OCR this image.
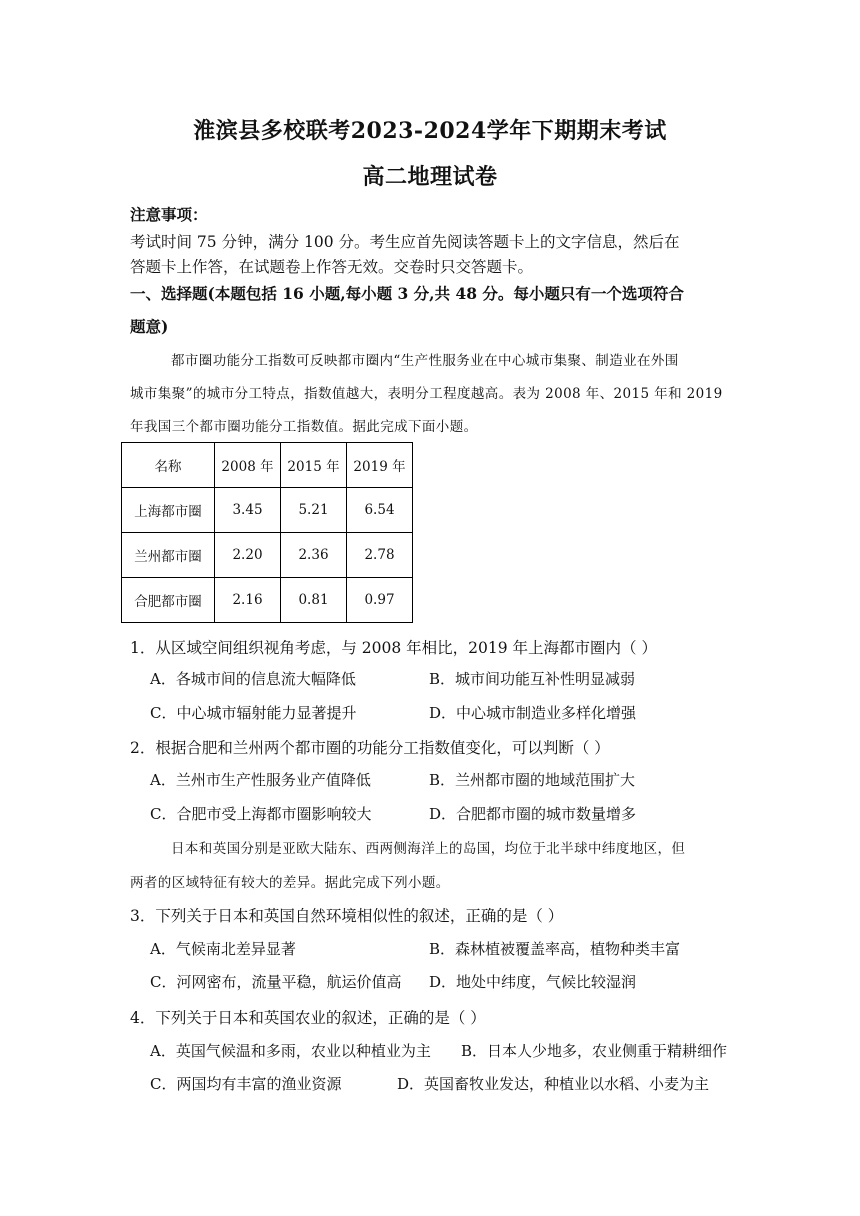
淮滨县多校联考2023-2024学年下期期末考试
高二地理试卷
注意事项：
考试时间 75 分钟，满分 100 分。考生应首先阅读答题卡上的文字信息，然后在
答题卡上作答，在试题卷上作答无效。交卷时只交答题卡。
一、选择题(本题包括 16 小题,每小题 3 分,共 48 分。每小题只有一个选项符合
题意)
都市圈功能分工指数可反映都市圈内“生产性服务业在中心城市集聚、制造业在外围
城市集聚”的城市分工特点，指数值越大，表明分工程度越高。表为 2008 年、2015 年和 2019
年我国三个都市圈功能分工指数值。据此完成下面小题。
名称	2008 年	2015 年	2019 年
上海都市圈	3.45	5.21	6.54
兰州都市圈	2.20	2.36	2.78
合肥都市圈	2.16	0.81	0.97
1．从区域空间组织视角考虑，与 2008 年相比，2019 年上海都市圈内（ ）
A．各城市间的信息流大幅降低	B．城市间功能互补性明显减弱
C．中心城市辐射能力显著提升	D．中心城市制造业多样化增强
2．根据合肥和兰州两个都市圈的功能分工指数值变化，可以判断（ ）
A．兰州市生产性服务业产值降低	B．兰州都市圈的地域范围扩大
C．合肥市受上海都市圈影响较大	D．合肥都市圈的城市数量增多
日本和英国分别是亚欧大陆东、西两侧海洋上的岛国，均位于北半球中纬度地区，但
两者的区域特征有较大的差异。据此完成下列小题。
3．下列关于日本和英国自然环境相似性的叙述，正确的是（ ）
A．气候南北差异显著	B．森林植被覆盖率高，植物种类丰富
C．河网密布，流量平稳，航运价值高 D．地处中纬度，气候比较湿润
4．下列关于日本和英国农业的叙述，正确的是（ ）
A．英国气候温和多雨，农业以种植业为主 B．日本人少地多，农业侧重于精耕细作
C．两国均有丰富的渔业资源	D．英国畜牧业发达，种植业以水稻、小麦为主
